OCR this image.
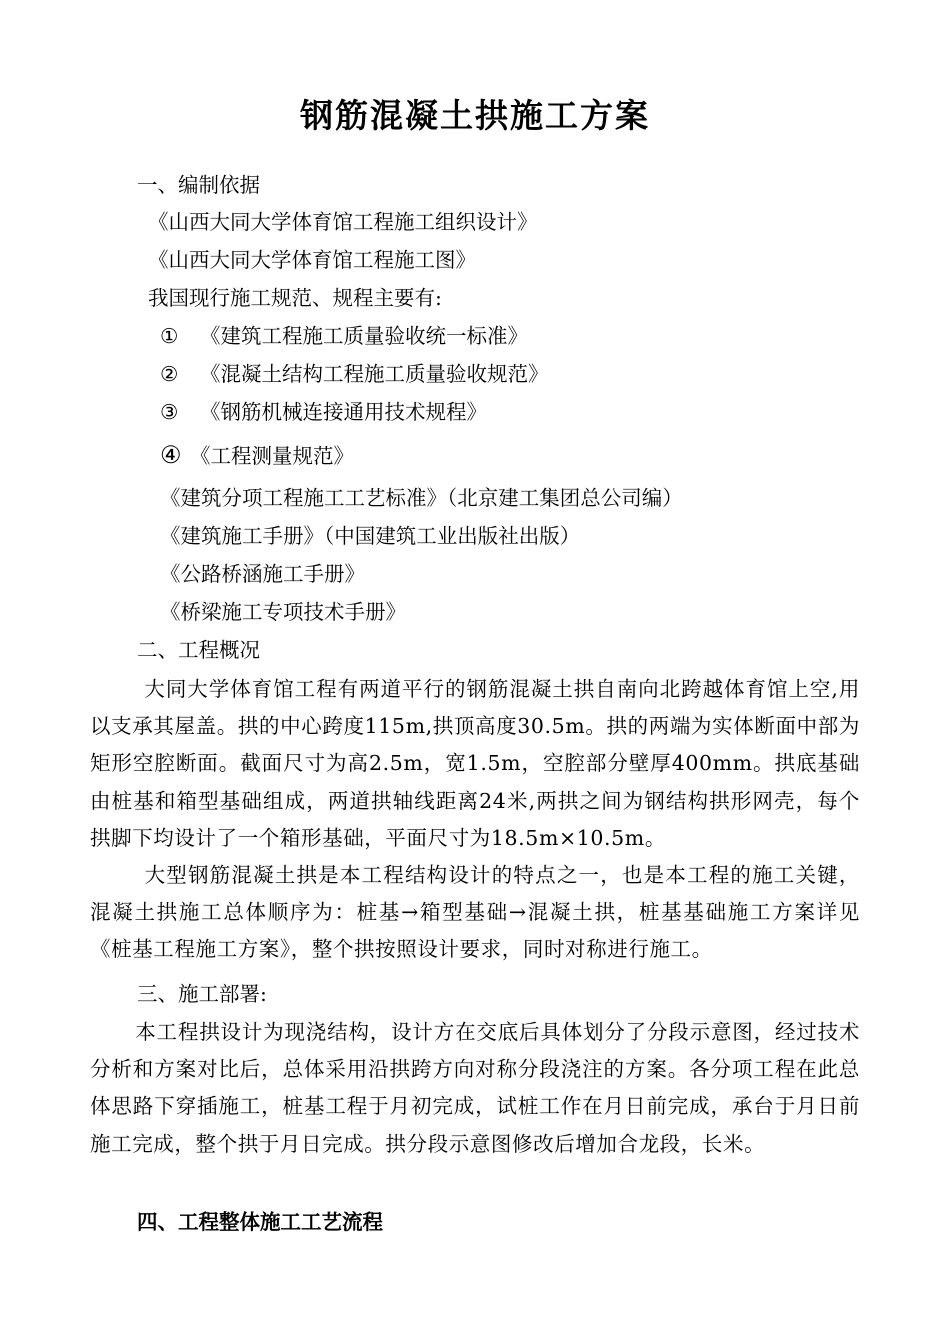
钢筋混凝土拱施工方案
一、编制依据
《山西大同大学体育馆工程施工组织设计》
《山西大同大学体育馆工程施工图》
我国现行施工规范、规程主要有:
① 《建筑工程施工质量验收统一标准》
② 《混凝土结构工程施工质量验收规范》
③ 《钢筋机械连接通用技术规程》
④ 《工程测量规范》
《建筑分项工程施工工艺标准》（北京建工集团总公司编）
《建筑施工手册》（中国建筑工业出版社出版）
《公路桥涵施工手册》
《桥梁施工专项技术手册》
二、工程概况
大同大学体育馆工程有两道平行的钢筋混凝土拱自南向北跨越体育馆上空,用以支承其屋盖。拱的中心跨度115m,拱顶高度30.5m。拱的两端为实体断面中部为矩形空腔断面。截面尺寸为高2.5m，宽1.5m，空腔部分壁厚400mm。拱底基础由桩基和箱型基础组成，两道拱轴线距离24米,两拱之间为钢结构拱形网壳，每个拱脚下均设计了一个箱形基础，平面尺寸为18.5m×10.5m。
大型钢筋混凝土拱是本工程结构设计的特点之一，也是本工程的施工关键，混凝土拱施工总体顺序为：桩基→箱型基础→混凝土拱，桩基基础施工方案详见《桩基工程施工方案》，整个拱按照设计要求，同时对称进行施工。
三、施工部署:
本工程拱设计为现浇结构，设计方在交底后具体划分了分段示意图，经过技术分析和方案对比后，总体采用沿拱跨方向对称分段浇注的方案。各分项工程在此总体思路下穿插施工，桩基工程于月初完成，试桩工作在月日前完成，承台于月日前施工完成，整个拱于月日完成。拱分段示意图修改后增加合龙段，长米。
四、工程整体施工工艺流程
